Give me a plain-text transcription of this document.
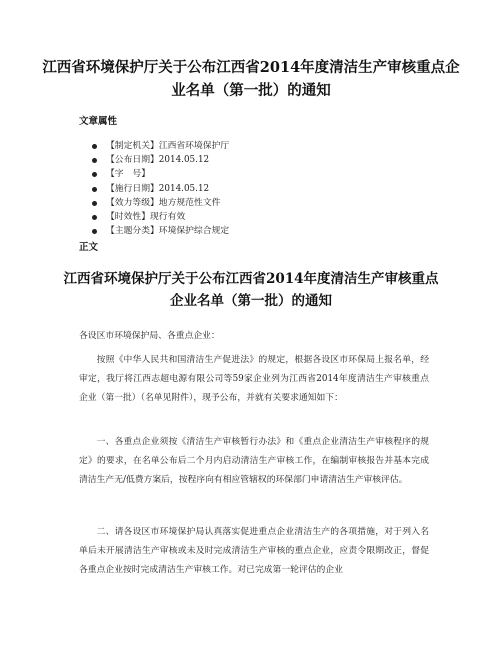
江西省环境保护厅关于公布江西省2014年度清洁生产审核重点企业名单（第一批）的通知
文章属性
【制定机关】江西省环境保护厅
【公布日期】2014.05.12
【字　号】
【施行日期】2014.05.12
【效力等级】地方规范性文件
【时效性】现行有效
【主题分类】环境保护综合规定
正文
江西省环境保护厅关于公布江西省2014年度清洁生产审核重点企业名单（第一批）的通知

各设区市环境保护局、各重点企业：

按照《中华人民共和国清洁生产促进法》的规定，根据各设区市环保局上报名单，经审定，我厅将江西志超电源有限公司等59家企业列为江西省2014年度清洁生产审核重点企业（第一批）（名单见附件），现予公布，并就有关要求通知如下：

一、各重点企业须按《清洁生产审核暂行办法》和《重点企业清洁生产审核程序的规定》的要求，在名单公布后二个月内启动清洁生产审核工作，在编制审核报告并基本完成清洁生产无/低费方案后，按程序向有相应管辖权的环保部门申请清洁生产审核评估。

二、请各设区市环境保护局认真落实促进重点企业清洁生产的各项措施，对于列入名单后未开展清洁生产审核或未及时完成清洁生产审核的重点企业，应责令限期改正，督促各重点企业按时完成清洁生产审核工作。对已完成第一轮评估的企业
